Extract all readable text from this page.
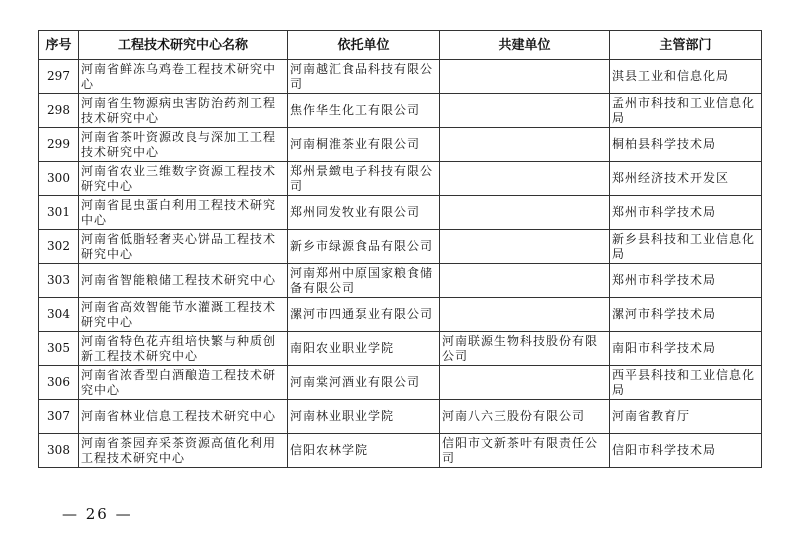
序号	工程技术研究中心名称	依托单位	共建单位	主管部门
297	河南省鲜冻乌鸡卷工程技术研究中心	河南越汇食品科技有限公司		淇县工业和信息化局
298	河南省生物源病虫害防治药剂工程技术研究中心	焦作华生化工有限公司		孟州市科技和工业信息化局
299	河南省茶叶资源改良与深加工工程技术研究中心	河南桐淮茶业有限公司		桐柏县科学技术局
300	河南省农业三维数字资源工程技术研究中心	郑州景緻电子科技有限公司		郑州经济技术开发区
301	河南省昆虫蛋白利用工程技术研究中心	郑州同发牧业有限公司		郑州市科学技术局
302	河南省低脂轻奢夹心饼品工程技术研究中心	新乡市绿源食品有限公司		新乡县科技和工业信息化局
303	河南省智能粮储工程技术研究中心	河南郑州中原国家粮食储备有限公司		郑州市科学技术局
304	河南省高效智能节水灌溉工程技术研究中心	漯河市四通泵业有限公司		漯河市科学技术局
305	河南省特色花卉组培快繁与种质创新工程技术研究中心	南阳农业职业学院	河南联源生物科技股份有限公司	南阳市科学技术局
306	河南省浓香型白酒酿造工程技术研究中心	河南棠河酒业有限公司		西平县科技和工业信息化局
307	河南省林业信息工程技术研究中心	河南林业职业学院	河南八六三股份有限公司	河南省教育厅
308	河南省茶园弃采茶资源高值化利用工程技术研究中心	信阳农林学院	信阳市文新茶叶有限责任公司	信阳市科学技术局
— 26 —
